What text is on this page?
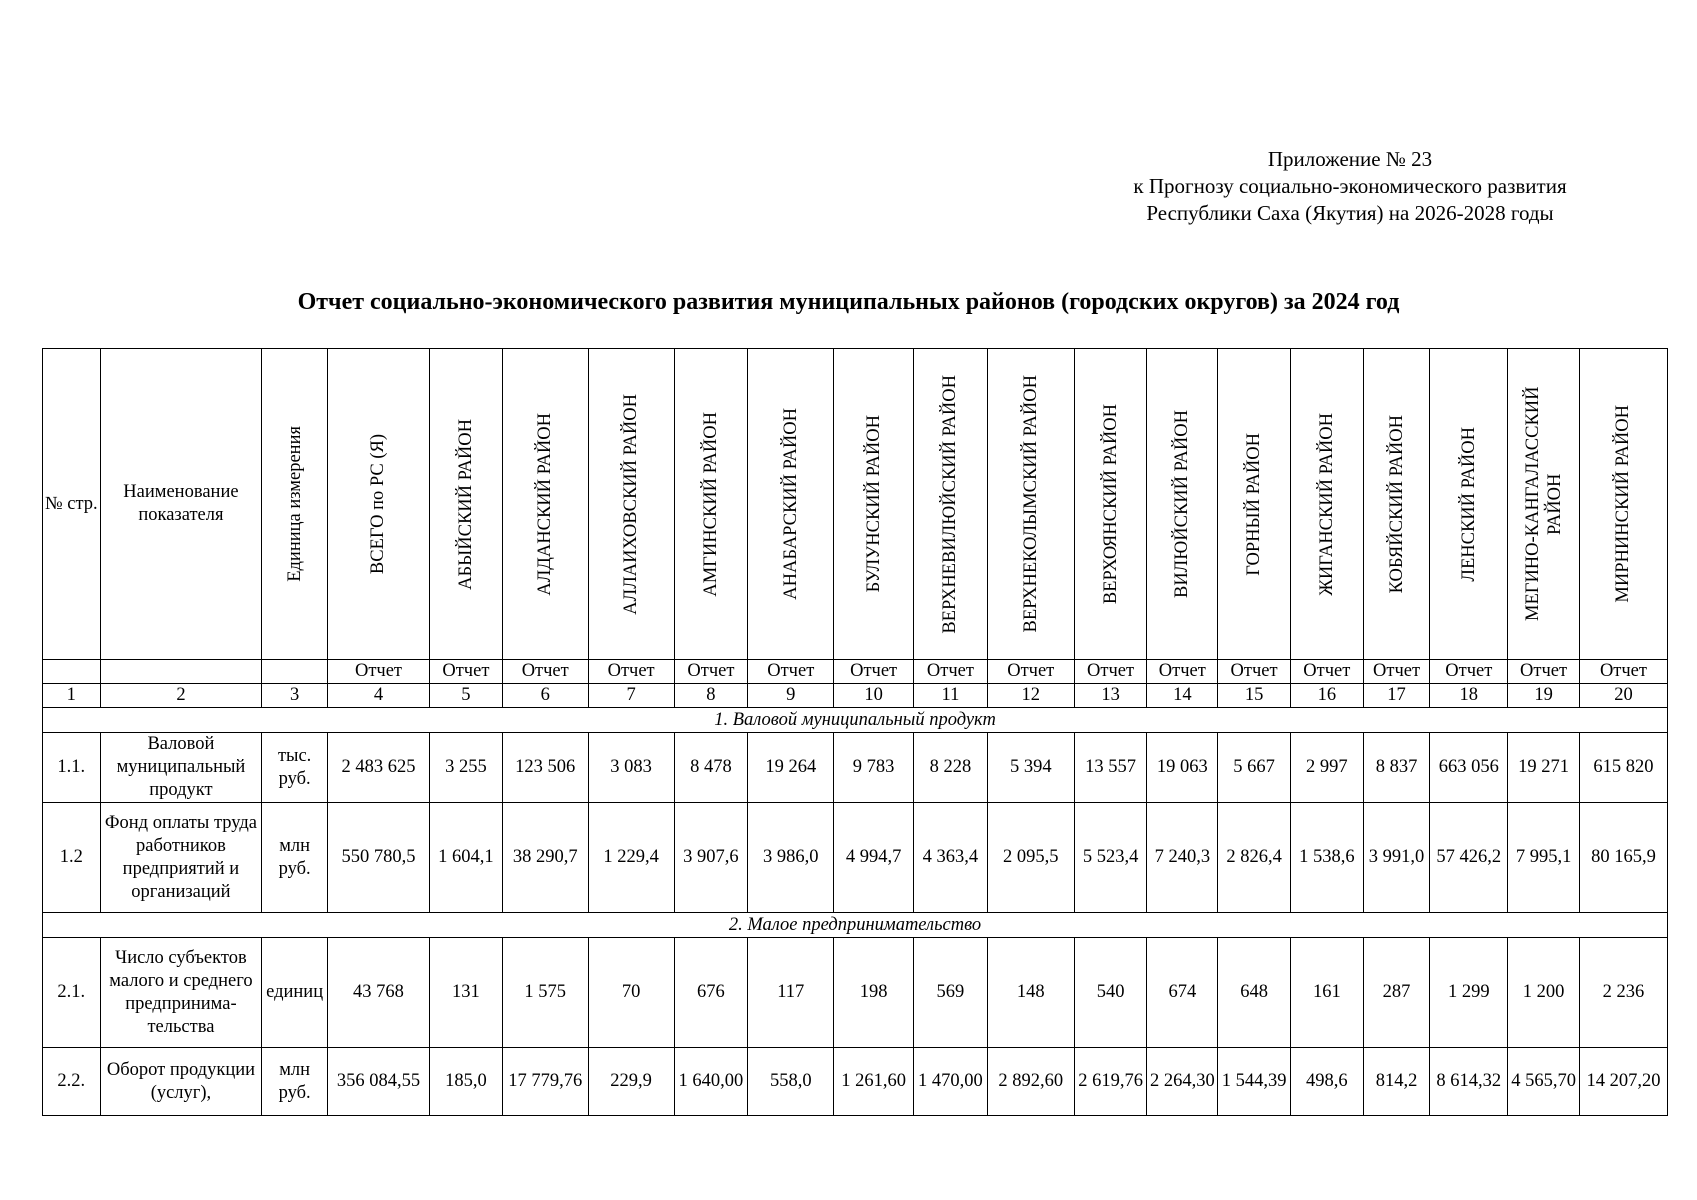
Приложение № 23
к Прогнозу социально-экономического развития
Республики Саха (Якутия) на 2026-2028 годы
Отчет социально-экономического развития муниципальных районов (городских округов) за 2024 год
№ стр.	Наименование показателя	Единица измерения	ВСЕГО по РС (Я)	АБЫЙСКИЙ РАЙОН	АЛДАНСКИЙ РАЙОН	АЛЛАИХОВСКИЙ РАЙОН	АМГИНСКИЙ РАЙОН	АНАБАРСКИЙ РАЙОН	БУЛУНСКИЙ РАЙОН	ВЕРХНЕВИЛЮЙСКИЙ РАЙОН	ВЕРХНЕКОЛЫМСКИЙ РАЙОН	ВЕРХОЯНСКИЙ РАЙОН	ВИЛЮЙСКИЙ РАЙОН	ГОРНЫЙ РАЙОН	ЖИГАНСКИЙ РАЙОН	КОБЯЙСКИЙ РАЙОН	ЛЕНСКИЙ РАЙОН	МЕГИНО-КАНГАЛАССКИЙ РАЙОН	МИРНИНСКИЙ РАЙОН

			Отчет	Отчет	Отчет	Отчет	Отчет	Отчет	Отчет	Отчет	Отчет	Отчет	Отчет	Отчет	Отчет	Отчет	Отчет	Отчет	Отчет
1	2	3	4	5	6	7	8	9	10	11	12	13	14	15	16	17	18	19	20
1. Валовой муниципальный продукт																			
1.1.	Валовой муниципальный продукт	тыс. руб.	2 483 625	3 255	123 506	3 083	8 478	19 264	9 783	8 228	5 394	13 557	19 063	5 667	2 997	8 837	663 056	19 271	615 820
1.2	Фонд оплаты труда работников предприятий и организаций	млн руб.	550 780,5	1 604,1	38 290,7	1 229,4	3 907,6	3 986,0	4 994,7	4 363,4	2 095,5	5 523,4	7 240,3	2 826,4	1 538,6	3 991,0	57 426,2	7 995,1	80 165,9
2. Малое предпринимательство																			
2.1.	Число субъектов малого и среднего предпринима-тельства	единиц	43 768	131	1 575	70	676	117	198	569	148	540	674	648	161	287	1 299	1 200	2 236
2.2.	Оборот продукции (услуг),	млн руб.	356 084,55	185,0	17 779,76	229,9	1 640,00	558,0	1 261,60	1 470,00	2 892,60	2 619,76	2 264,30	1 544,39	498,6	814,2	8 614,32	4 565,70	14 207,20
